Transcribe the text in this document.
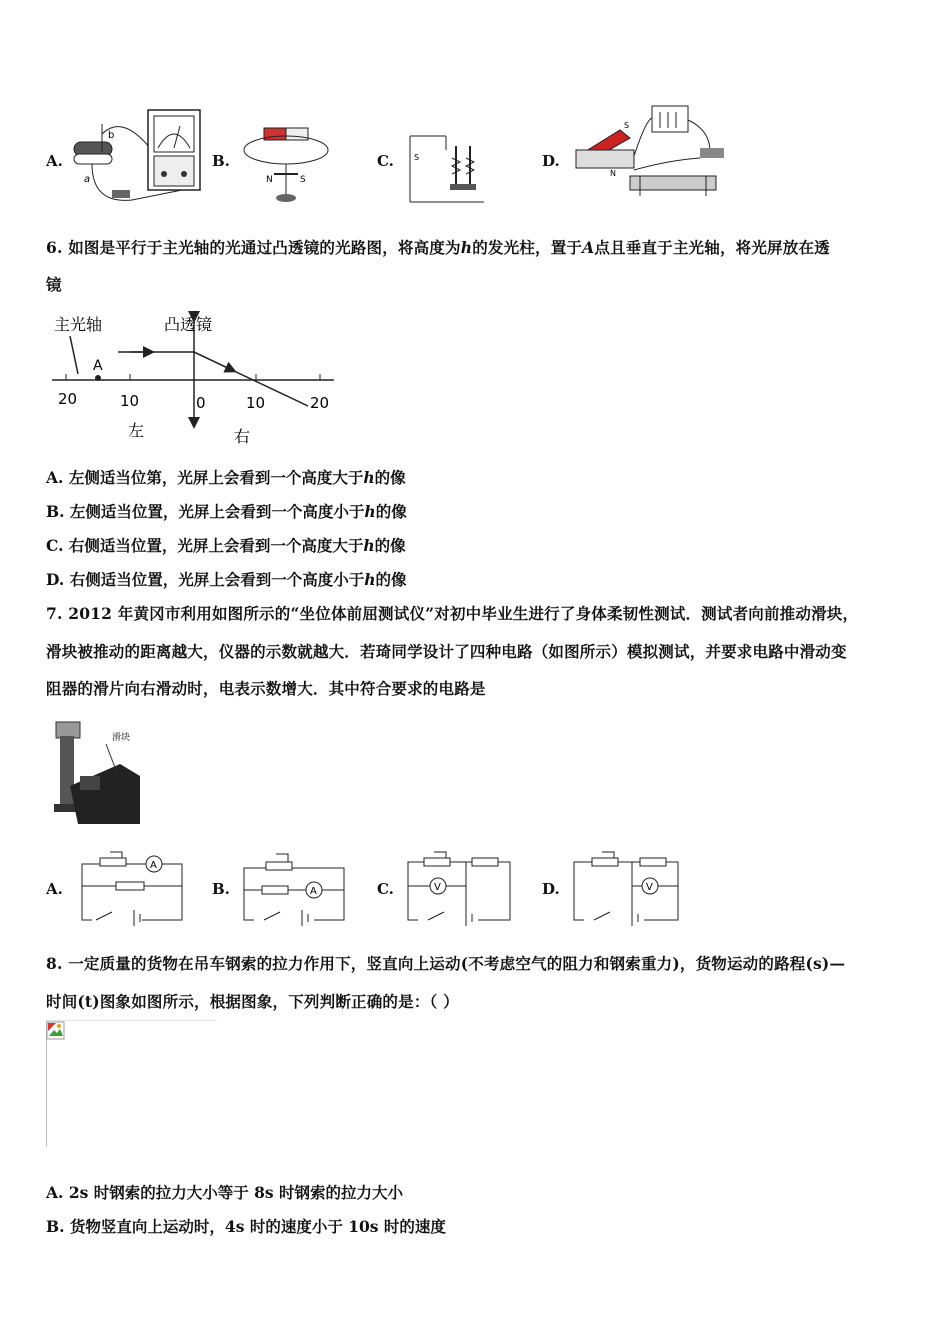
A.
b
a
B.
N	S
C.	S	D.
N
S
6. 如图是平行于主光轴的光通过凸透镜的光路图，将高度为h的发光柱，置于A点且垂直于主光轴，将光屏放在透
镜
主光轴	凸透镜
20	10	0	10	20
A
左	右
A. 左侧适当位第，光屏上会看到一个高度大于h的像
B. 左侧适当位置，光屏上会看到一个高度小于h的像
C. 右侧适当位置，光屏上会看到一个高度大于h的像
D. 右侧适当位置，光屏上会看到一个高度小于h的像
7. 2012 年黄冈市利用如图所示的“坐位体前屈测试仪”对初中毕业生进行了身体柔韧性测试．测试者向前推动滑块，
滑块被推动的距离越大，仪器的示数就越大．若琦同学设计了四种电路（如图所示）模拟测试，并要求电路中滑动变
阻器的滑片向右滑动时，电表示数增大．其中符合要求的电路是
滑块
A.
A
B.	A	C.	V	D.	V
8. 一定质量的货物在吊车钢索的拉力作用下，竖直向上运动(不考虑空气的阻力和钢索重力)，货物运动的路程(s)—
时间(t)图象如图所示，根据图象，下列判断正确的是：（ ）
A. 2s 时钢索的拉力大小等于 8s 时钢索的拉力大小
B. 货物竖直向上运动时，4s 时的速度小于 10s 时的速度
